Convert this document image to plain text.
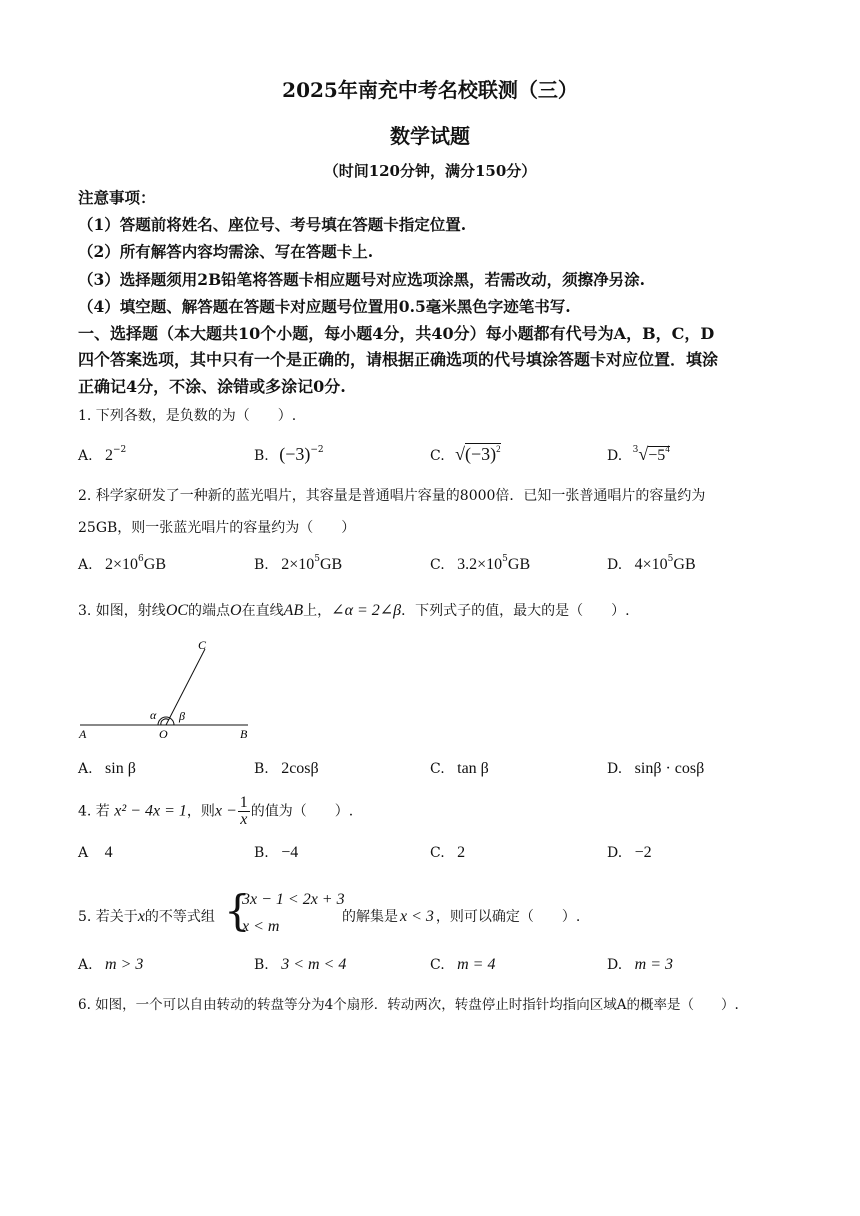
2025年南充中考名校联测（三）
数学试题
（时间120分钟，满分150分）
注意事项：
（1）答题前将姓名、座位号、考号填在答题卡指定位置.
（2）所有解答内容均需涂、写在答题卡上.
（3）选择题须用2B铅笔将答题卡相应题号对应选项涂黑，若需改动，须擦净另涂.
（4）填空题、解答题在答题卡对应题号位置用0.5毫米黑色字迹笔书写.
一、选择题（本大题共10个小题，每小题4分，共40分）每小题都有代号为A，B，C，D
四个答案选项，其中只有一个是正确的，请根据正确选项的代号填涂答题卡对应位置．填涂
正确记4分，不涂、涂错或多涂记0分.
1. 下列各数，是负数的为（　　）.
A. $2^{-2}$	B. $(-3)^{-2}$	C. $√(-3)^2$	D. $^3√-5^4$
2. 科学家研发了一种新的蓝光唱片，其容量是普通唱片容量的8000倍．已知一张普通唱片的容量约为
25GB，则一张蓝光唱片的容量约为（　　）
A. $2\times 10^6GB$	B. $2\times 10^5GB$	C. $3.2\times 10^5GB$	D. $4\times 10^5GB$
3. 如图，射线OC的端点O在直线AB上，∠α = 2∠β．下列式子的值，最大的是（　　）.
C
α β
A	O	B
A. sin β	B. 2cosβ	C. tan β	D. sinβ · cosβ
4. 若 x² − 4x = 1，则$x - \frac{1}{x}$ 的值为（　　）.
A 4	B. −4	C. 2	D. −2
5. 若关于x的不等式组 {
3x − 1 < 2x + 3
x < m
的解集是 x < 3 ，则可以确定（　　）.
A. m > 3	B. 3 < m < 4	C. m = 4	D. m = 3
6. 如图，一个可以自由转动的转盘等分为4个扇形．转动两次，转盘停止时指针均指向区域A的概率是（　　）.
